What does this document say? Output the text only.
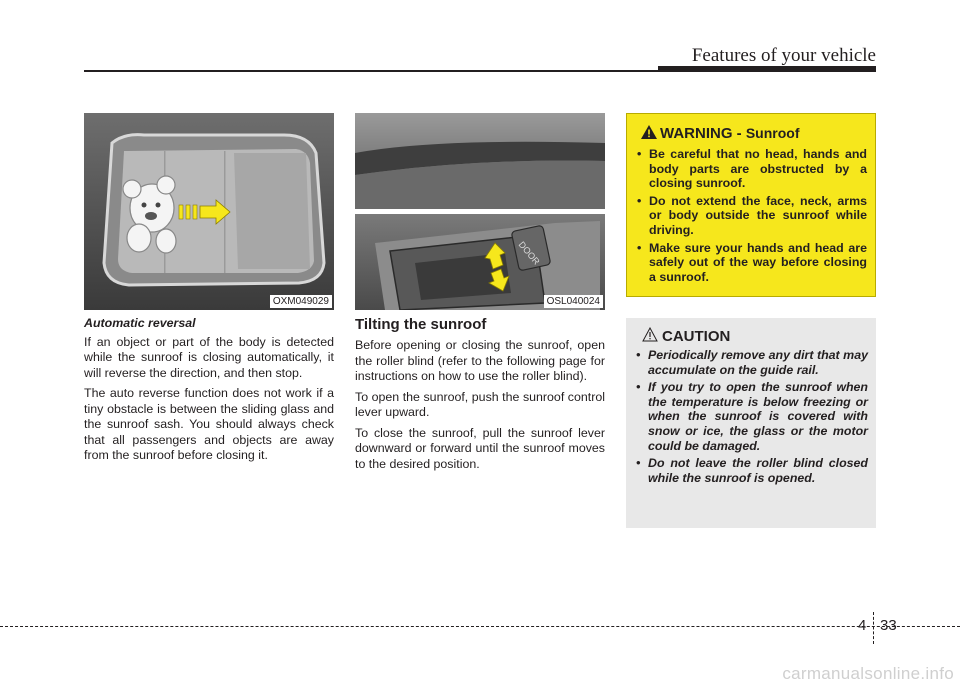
Features of your vehicle
OXM049029
DOOR
OSL040024

Automatic reversal

If an object or part of the body is detected while the sunroof is closing automatically, it will reverse the direction, and then stop.

The auto reverse function does not work if a tiny obstacle is between the sliding glass and the sunroof sash. You should always check that all passengers and objects are away from the sunroof before closing it.

Tilting the sunroof

Before opening or closing the sunroof, open the roller blind (refer to the following page for instructions on how to use the roller blind).

To open the sunroof, push the sunroof control lever upward.

To close the sunroof, pull the sunroof lever downward or forward until the sunroof moves to the desired position.

WARNING - Sunroof
• Be careful that no head, hands and body parts are obstructed by a closing sunroof.
• Do not extend the face, neck, arms or body outside the sunroof while driving.
• Make sure your hands and head are safely out of the way before closing a sunroof.
CAUTION
• Periodically remove any dirt that may accumulate on the guide rail.
• If you try to open the sunroof when the temperature is below freezing or when the sunroof is covered with snow or ice, the glass or the motor could be damaged.
• Do not leave the roller blind closed while the sunroof is opened.
4 33
carmanualsonline.info
